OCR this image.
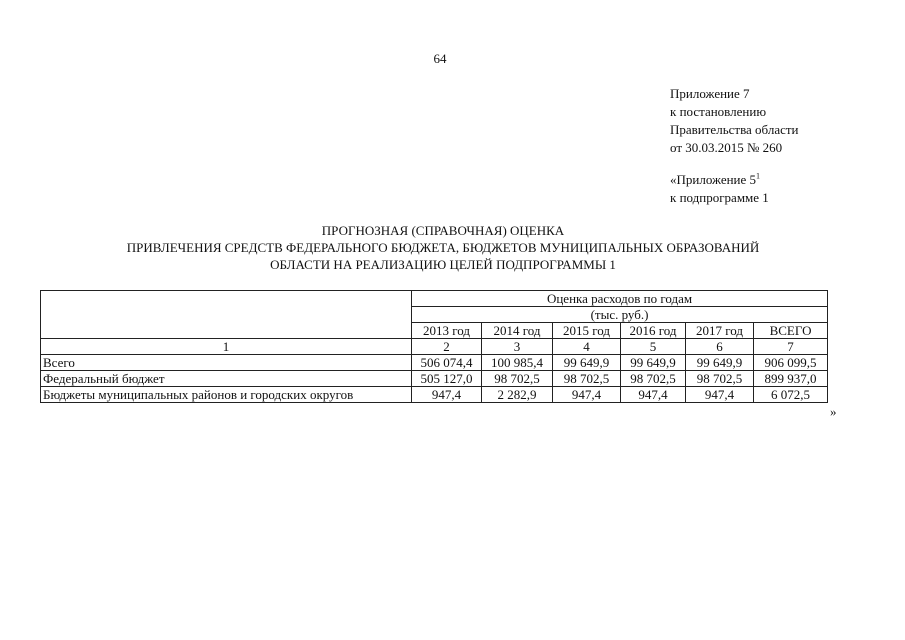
64
Приложение 7
к постановлению
Правительства области
от 30.03.2015 № 260
«Приложение $5^1$
к подпрограмме 1
ПРОГНОЗНАЯ (СПРАВОЧНАЯ) ОЦЕНКА
ПРИВЛЕЧЕНИЯ СРЕДСТВ ФЕДЕРАЛЬНОГО БЮДЖЕТА, БЮДЖЕТОВ МУНИЦИПАЛЬНЫХ ОБРАЗОВАНИЙ
ОБЛАСТИ НА РЕАЛИЗАЦИЮ ЦЕЛЕЙ ПОДПРОГРАММЫ 1
	Оценка расходов по годам					
	(тыс. руб.)					
	2013 год	2014 год	2015 год	2016 год	2017 год	ВСЕГО
1	2	3	4	5	6	7
Всего	506 074,4	100 985,4	99 649,9	99 649,9	99 649,9	906 099,5
Федеральный бюджет	505 127,0	98 702,5	98 702,5	98 702,5	98 702,5	899 937,0
Бюджеты муниципальных районов и городских округов	947,4	2 282,9	947,4	947,4	947,4	6 072,5
»
